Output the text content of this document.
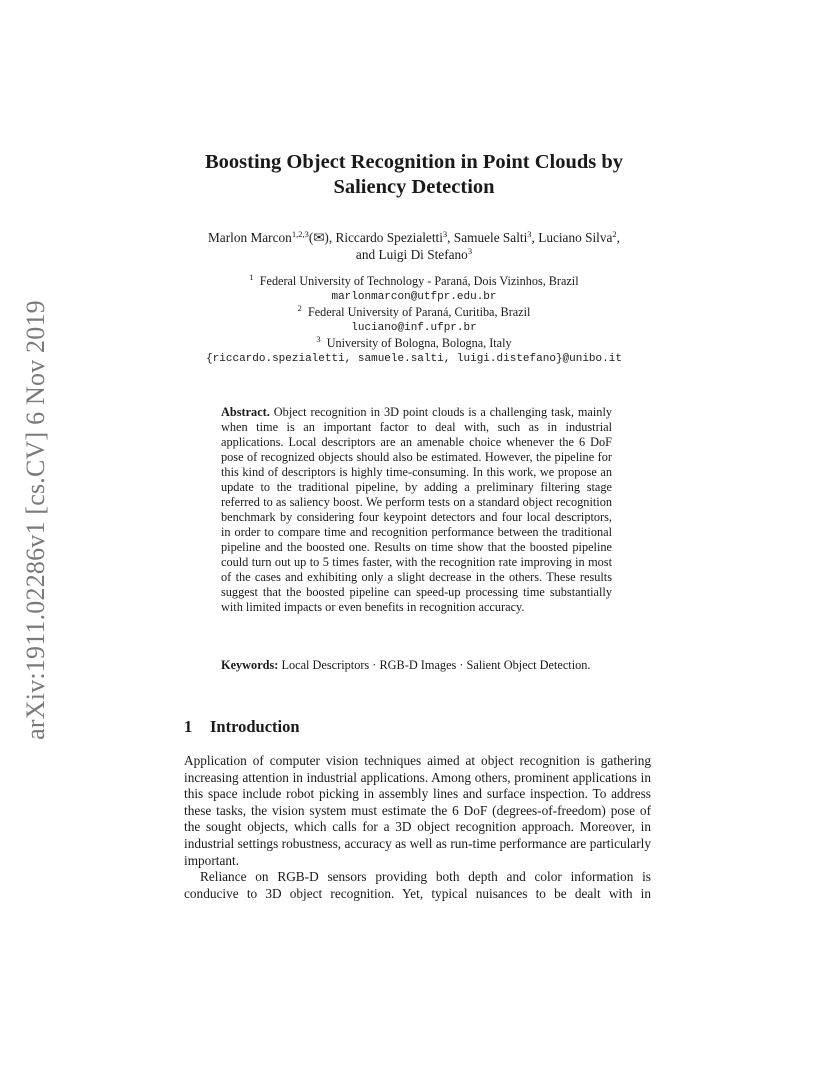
arXiv:1911.02286v1 [cs.CV] 6 Nov 2019
Boosting Object Recognition in Point Clouds by
Saliency Detection
Marlon Marcon$^{1,2,3}$(✉), Riccardo Spezialetti$^3$, Samuele Salti$^3$, Luciano Silva$^2$,
and Luigi Di Stefano$^3$
$^1$ Federal University of Technology - Paraná, Dois Vizinhos, Brazil
marlonmarcon@utfpr.edu.br
$^2$ Federal University of Paraná, Curitiba, Brazil
luciano@inf.ufpr.br
$^3$ University of Bologna, Bologna, Italy
{riccardo.spezialetti, samuele.salti, luigi.distefano}@unibo.it
Abstract. Object recognition in 3D point clouds is a challenging task, mainly when time is an important factor to deal with, such as in industrial applications. Local descriptors are an amenable choice whenever the 6 DoF pose of recognized objects should also be estimated. However, the pipeline for this kind of descriptors is highly time-consuming. In this work, we propose an update to the traditional pipeline, by adding a preliminary filtering stage referred to as saliency boost. We perform tests on a standard object recognition benchmark by considering four keypoint detectors and four local descriptors, in order to compare time and recognition performance between the traditional pipeline and the boosted one. Results on time show that the boosted pipeline could turn out up to 5 times faster, with the recognition rate improving in most of the cases and exhibiting only a slight decrease in the others. These results suggest that the boosted pipeline can speed-up processing time substantially with limited impacts or even benefits in recognition accuracy.
Keywords: Local Descriptors · RGB-D Images · Salient Object Detection.
1 Introduction

Application of computer vision techniques aimed at object recognition is gathering increasing attention in industrial applications. Among others, prominent applications in this space include robot picking in assembly lines and surface inspection. To address these tasks, the vision system must estimate the 6 DoF (degrees-of-freedom) pose of the sought objects, which calls for a 3D object recognition approach. Moreover, in industrial settings robustness, accuracy as well as run-time performance are particularly important.

Reliance on RGB-D sensors providing both depth and color information is conducive to 3D object recognition. Yet, typical nuisances to be dealt with in
